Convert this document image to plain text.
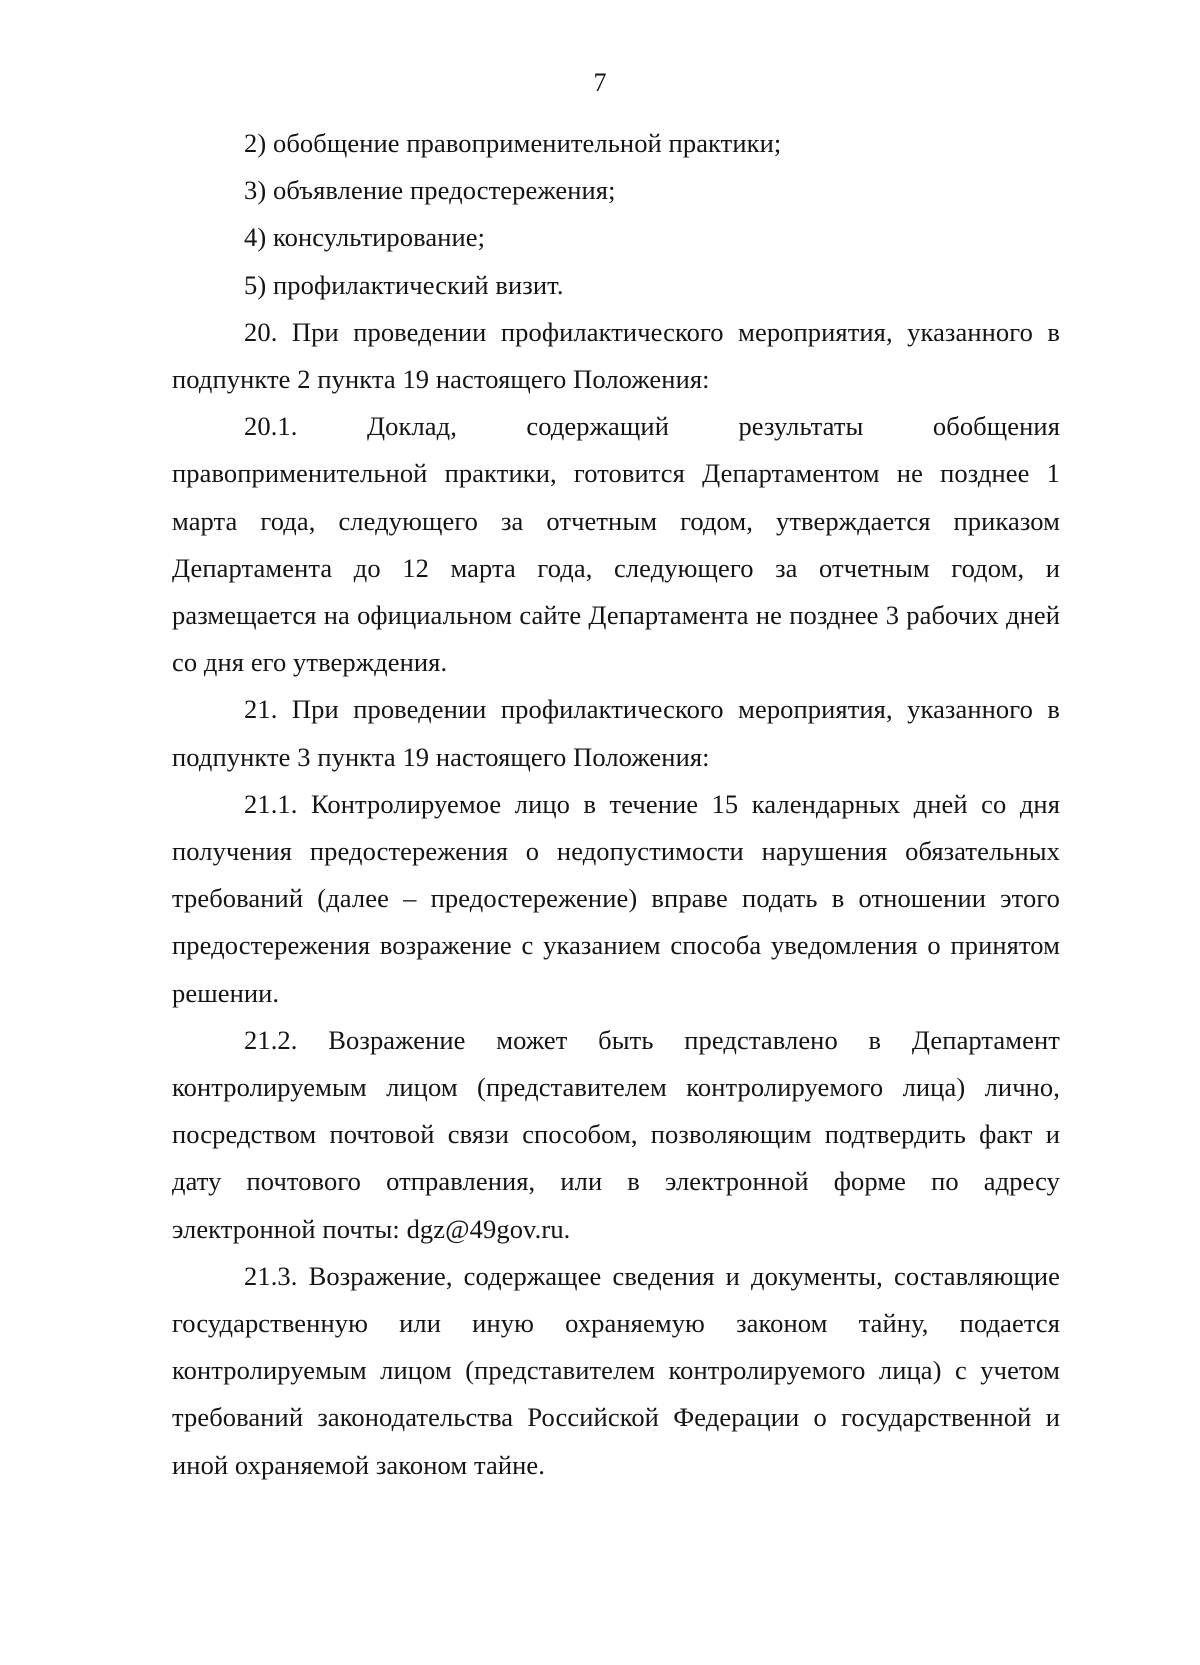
7

2) обобщение правоприменительной практики;

3) объявление предостережения;

4) консультирование;

5) профилактический визит.

20. При проведении профилактического мероприятия, указанного в подпункте 2 пункта 19 настоящего Положения:

20.1. Доклад, содержащий результаты обобщения правоприменительной практики, готовится Департаментом не позднее 1 марта года, следующего за отчетным годом, утверждается приказом Департамента до 12 марта года, следующего за отчетным годом, и размещается на официальном сайте Департамента не позднее 3 рабочих дней со дня его утверждения.

21. При проведении профилактического мероприятия, указанного в подпункте 3 пункта 19 настоящего Положения:

21.1. Контролируемое лицо в течение 15 календарных дней со дня получения предостережения о недопустимости нарушения обязательных требований (далее – предостережение) вправе подать в отношении этого предостережения возражение с указанием способа уведомления о принятом решении.

21.2. Возражение может быть представлено в Департамент контролируемым лицом (представителем контролируемого лица) лично, посредством почтовой связи способом, позволяющим подтвердить факт и дату почтового отправления, или в электронной форме по адресу электронной почты: dgz@49gov.ru.

21.3. Возражение, содержащее сведения и документы, составляющие государственную или иную охраняемую законом тайну, подается контролируемым лицом (представителем контролируемого лица) с учетом требований законодательства Российской Федерации о государственной и иной охраняемой законом тайне.
